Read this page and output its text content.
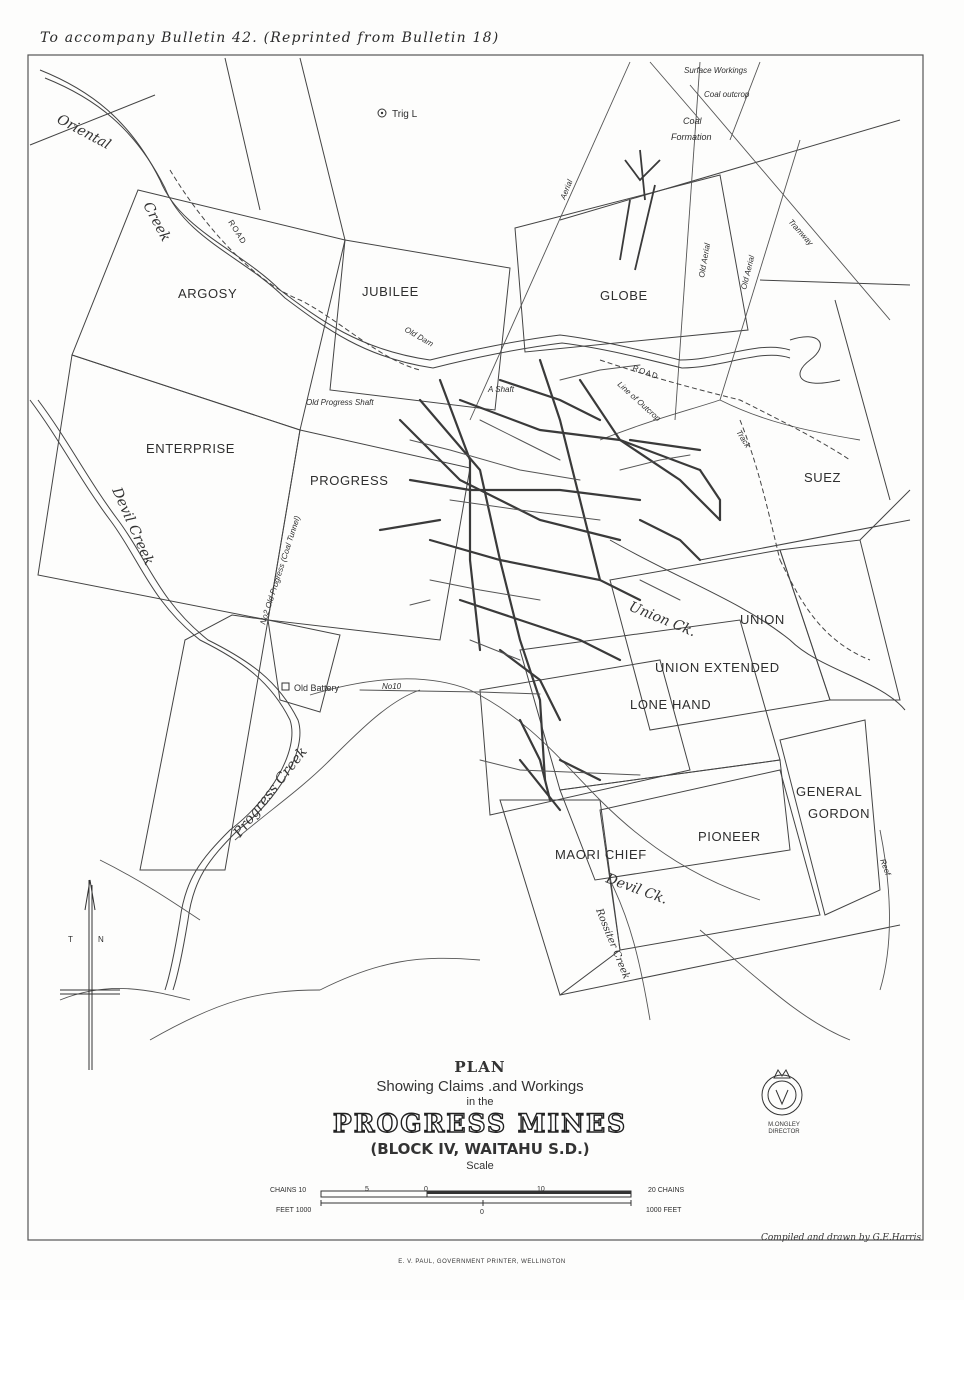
To accompany Bulletin 42. (Reprinted from Bulletin 18)
ARGOSY	JUBILEE	GLOBE
ENTERPRISE
PROGRESS	SUEZ
UNION
UNION EXTENDED
LONE HAND
GENERAL
GORDON
PIONEER
MAORI CHIEF
Oriental
Creek
Devil Creek
Progress Creek
Union Ck.
Devil Ck.
Rossiter Creek
Trig L
Surface Workings
Coal outcrop
Coal
Formation
Aerial
Old Aerial	Old Aerial
Tramway
ROAD
ROAD
Old Dam
Old Progress Shaft
A Shaft	Line of Outcrop
Track
No2 Old Progress (Coal Tunnel)
Old Battery	No10
Reef
T	N
CHAINS 10	5	0	10	20 CHAINS
FEET 1000	0	1000 FEET
PLAN
Showing Claims .and Workings
in the
PROGRESS MINES
(BLOCK IV, WAITAHU S.D.)
Scale
M.ONGLEY
DIRECTOR
Compiled and drawn by G.E.Harris
E. V. PAUL, GOVERNMENT PRINTER, WELLINGTON
